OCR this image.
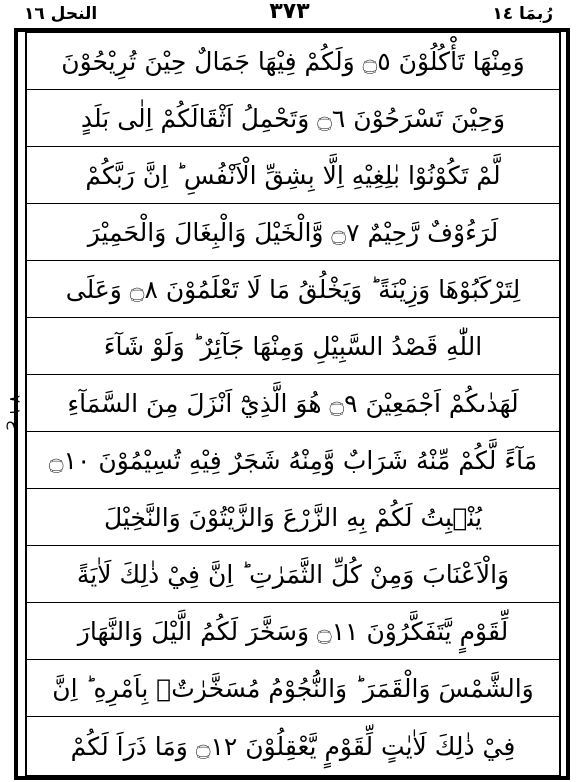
النحل ١٦	٣٧٣	رُبمَا ١٤
ع ١ ٧
وَمِنْهَا تَأْكُلُوْنَ ۝٥ وَلَكُمْ فِيْهَا جَمَالٌ حِيْنَ تُرِيْحُوْنَ
وَحِيْنَ تَسْرَحُوْنَ ۝٦ وَتَحْمِلُ اَثْقَالَكُمْ اِلٰى بَلَدٍ
لَّمْ تَكُوْنُوْا بٰلِغِيْهِ اِلَّا بِشِقِّ الْاَنْفُسِ ؕ اِنَّ رَبَّكُمْ
لَرَءُوْفٌ رَّحِيْمٌ ۝٧ وَّالْخَيْلَ وَالْبِغَالَ وَالْحَمِيْرَ
لِتَرْكَبُوْهَا وَزِيْنَةً ؕ وَيَخْلُقُ مَا لَا تَعْلَمُوْنَ ۝٨ وَعَلَى
اللّٰهِ قَصْدُ السَّبِيْلِ وَمِنْهَا جَآئِرٌ ؕ وَلَوْ شَآءَ
لَهَدٰىكُمْ اَجْمَعِيْنَ ۝٩ هُوَ الَّذِيْٓ اَنْزَلَ مِنَ السَّمَآءِ
مَآءً لَّكُمْ مِّنْهُ شَرَابٌ وَّمِنْهُ شَجَرٌ فِيْهِ تُسِيْمُوْنَ ۝١٠
يُنْۢبِتُ لَكُمْ بِهِ الزَّرْعَ وَالزَّيْتُوْنَ وَالنَّخِيْلَ
وَالْاَعْنَابَ وَمِنْ كُلِّ الثَّمَرٰتِ ؕ اِنَّ فِيْ ذٰلِكَ لَاٰيَةً
لِّقَوْمٍ يَّتَفَكَّرُوْنَ ۝١١ وَسَخَّرَ لَكُمُ الَّيْلَ وَالنَّهَارَ
وَالشَّمْسَ وَالْقَمَرَ ؕ وَالنُّجُوْمُ مُسَخَّرٰتٌۢ بِاَمْرِهِ ؕ اِنَّ
فِيْ ذٰلِكَ لَاٰيٰتٍ لِّقَوْمٍ يَّعْقِلُوْنَ ۝١٢ وَمَا ذَرَاَ لَكُمْ
